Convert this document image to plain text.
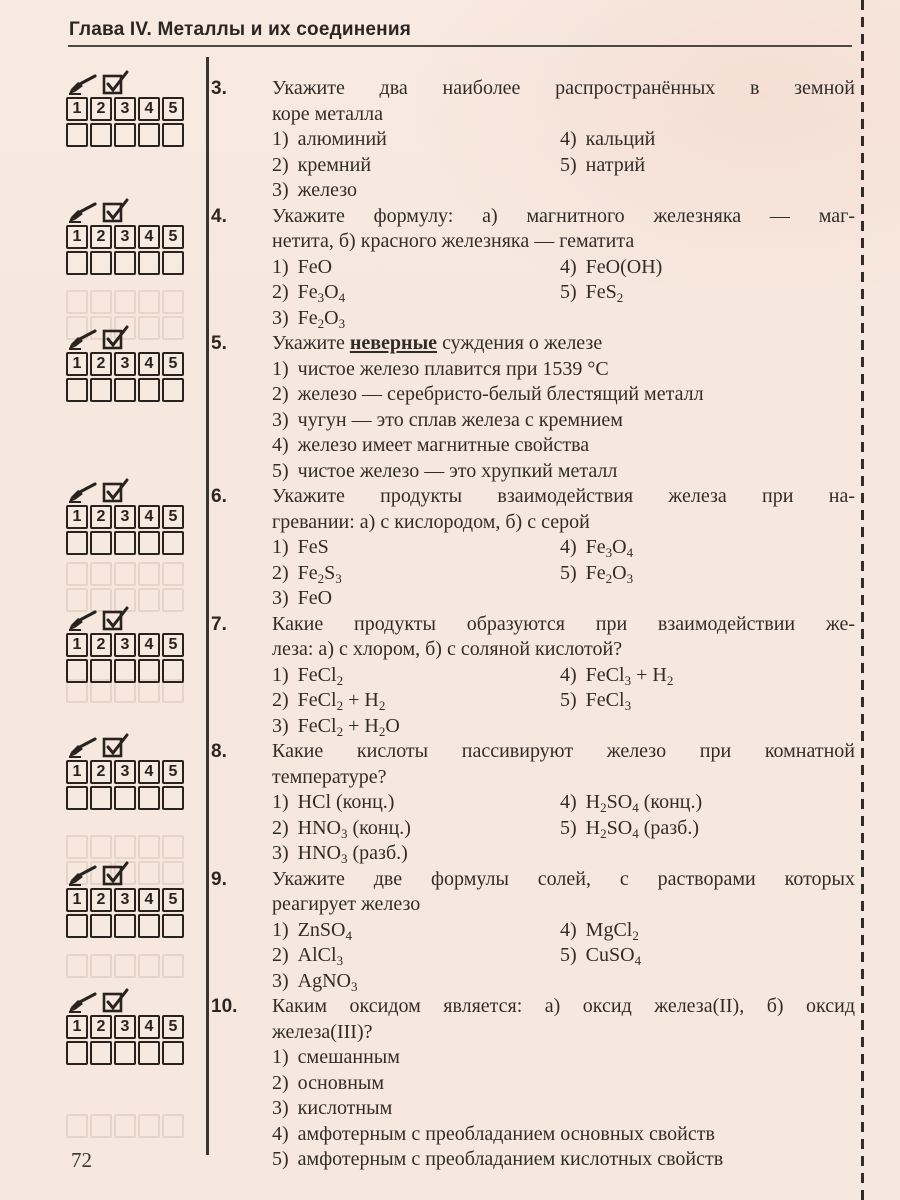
Глава IV. Металлы и их соединения
1 2 3 4 5
3.	Укажите два наиболее распространённых в земной
коре металла
1) алюминий	4) кальций
2) кремний	5) натрий
3) железо
1 2 3 4 5
4.	Укажите формулу: а) магнитного железняка — маг-
нетита, б) красного железняка — гематита
1) FeO	4) FeO(OH)
2) $Fe_3O_4$	5) FeS$_2$
3) $Fe_2O_3$
1 2 3 4 5
5.	Укажите неверные суждения о железе
1) чистое железо плавится при 1539 °C
2) железо — серебристо-белый блестящий металл
3) чугун — это сплав железа с кремнием
4) железо имеет магнитные свойства
5) чистое железо — это хрупкий металл
1 2 3 4 5
6.	Укажите продукты взаимодействия железа при на-
гревании: а) с кислородом, б) с серой
1) FeS	4) $Fe_3O_4$
2) $Fe_2S_3$	5) $Fe_2O_3$
3) FeO
1 2 3 4 5
7.	Какие продукты образуются при взаимодействии же-
леза: а) с хлором, б) с соляной кислотой?
1) FeCl$_2$	4) FeCl$_3$ + $H_2$
2) FeCl$_2$ + $H_2$	5) FeCl$_3$
3) FeCl$_2$ + $H_2O$
1 2 3 4 5
8.	Какие кислоты пассивируют железо при комнатной
температуре?
1) HCl (конц.)	4) $H_2SO_4$ (конц.)
2) $HNO_3$ (конц.)	5) $H_2SO_4$ (разб.)
3) $HNO_3$ (разб.)
1 2 3 4 5
9.	Укажите две формулы солей, с растворами которых
реагирует железо
1) ZnSO$_4$	4) MgCl$_2$
2) AlCl$_3$	5) CuSO$_4$
3) AgNO$_3$
1 2 3 4 5
10.	Каким оксидом является: а) оксид железа(II), б) оксид
железа(III)?
1) смешанным
2) основным
3) кислотным
4) амфотерным с преобладанием основных свойств
5) амфотерным с преобладанием кислотных свойств
72
